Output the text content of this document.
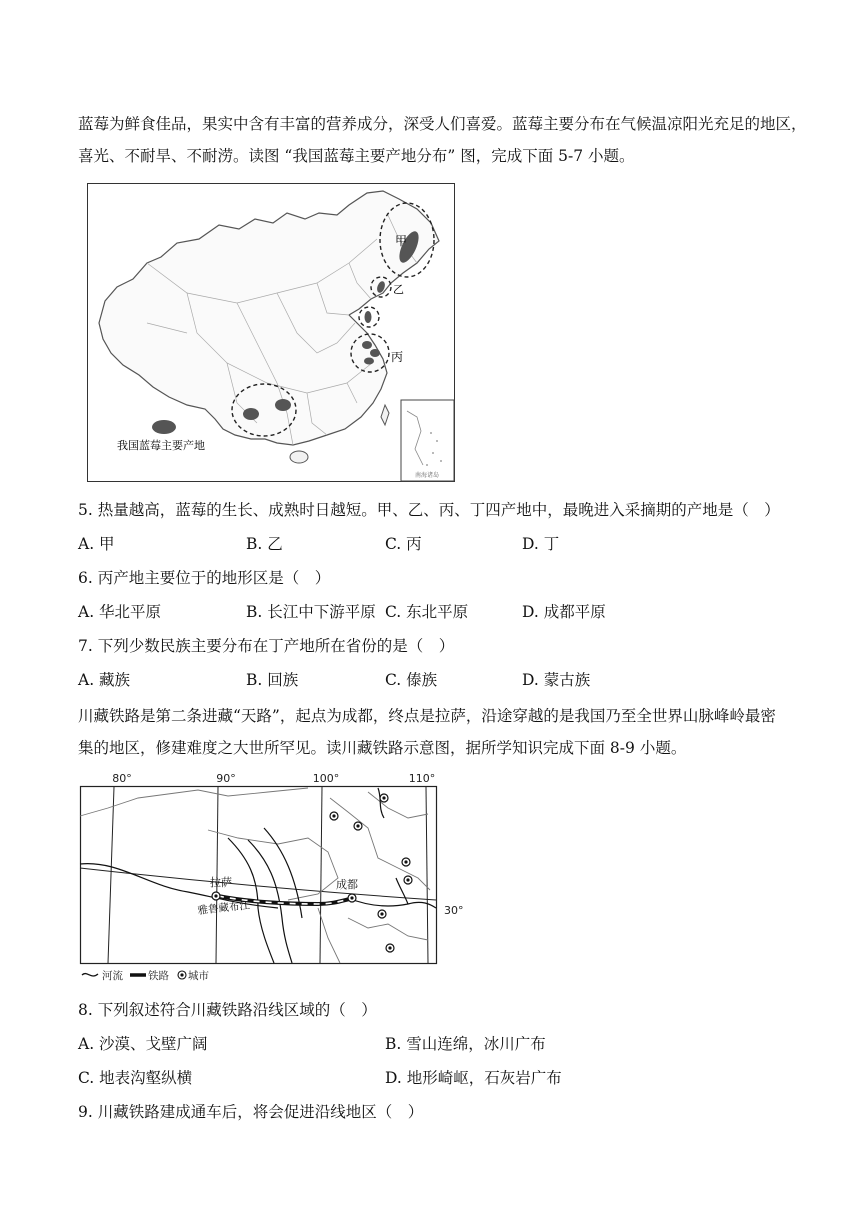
蓝莓为鲜食佳品，果实中含有丰富的营养成分，深受人们喜爱。蓝莓主要分布在气候温凉阳光充足的地区，
喜光、不耐旱、不耐涝。读图 “我国蓝莓主要产地分布” 图，完成下面 5-7 小题。
南海诸岛
甲
乙
丙
我国蓝莓主要产地
5. 热量越高，蓝莓的生长、成熟时日越短。甲、乙、丙、丁四产地中，最晚进入采摘期的产地是（　）
A. 甲	B. 乙	C. 丙	D. 丁
6. 丙产地主要位于的地形区是（　）
A. 华北平原	B. 长江中下游平原 C. 东北平原	D. 成都平原
7. 下列少数民族主要分布在丁产地所在省份的是（　）
A. 藏族	B. 回族	C. 傣族	D. 蒙古族
川藏铁路是第二条进藏“天路”，起点为成都，终点是拉萨，沿途穿越的是我国乃至全世界山脉峰岭最密
集的地区，修建难度之大世所罕见。读川藏铁路示意图，据所学知识完成下面 8-9 小题。
80°	90°	100°	110°
30°
拉萨	成都
雅鲁藏布江
河流 铁路 城市
8. 下列叙述符合川藏铁路沿线区域的（　）
A. 沙漠、戈壁广阔	B. 雪山连绵，冰川广布
C. 地表沟壑纵横	D. 地形崎岖，石灰岩广布
9. 川藏铁路建成通车后，将会促进沿线地区（　）
